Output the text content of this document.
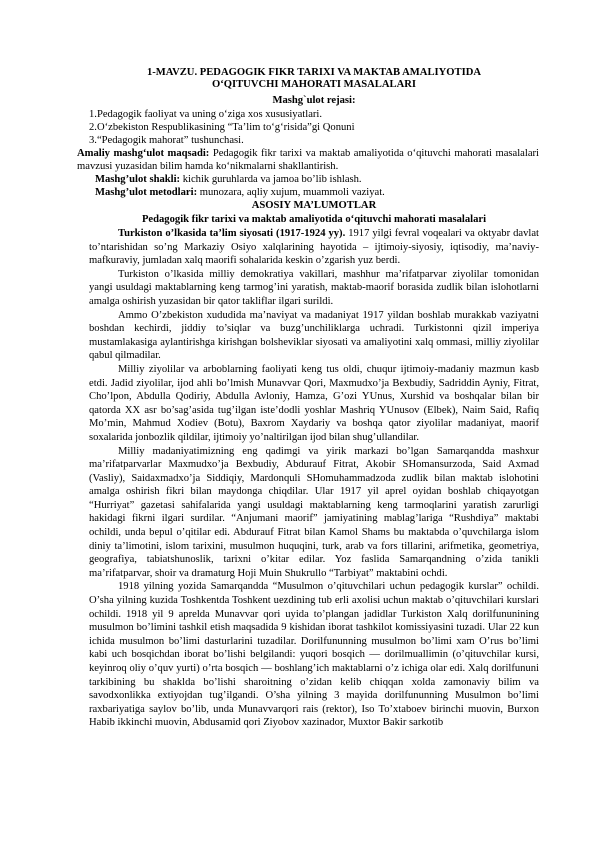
1-MAVZU. PEDAGOGIK FIKR TARIXI VA MAKTAB AMALIYOTIDA
O‘QITUVCHI MAHORATI MASALALARI
Mashg`ulot rejasi:
1.Pedagogik faoliyat va uning o‘ziga xos xususiyatlari.
2.O‘zbekiston Respublikasining “Ta’lim to‘g‘risida”gi Qonuni
3.“Pedagogik mahorat” tushunchasi.
Amaliy mashg‘ulot maqsadi: Pedagogik fikr tarixi va maktab amaliyotida o‘qituvchi mahorati masalalari mavzusi yuzasidan bilim hamda ko‘nikmalarni shakllantirish.
Mashg’ulot shakli: kichik guruhlarda va jamoa bo’lib ishlash.
Mashg’ulot metodlari: munozara, aqliy xujum, muammoli vaziyat.
ASOSIY MA’LUMOTLAR
Pedagogik fikr tarixi va maktab amaliyotida o‘qituvchi mahorati masalalari

Turkiston o’lkasida ta’lim siyosati (1917-1924 yy). 1917 yilgi fevral voqealari va oktyabr davlat to’ntarishidan so’ng Markaziy Osiyo xalqlarining hayotida – ijtimoiy-siyosiy, iqtisodiy, ma’naviy-mafkuraviy, jumladan xalq maorifi sohalarida keskin o’zgarish yuz berdi.

Turkiston o’lkasida milliy demokratiya vakillari, mashhur ma’rifatparvar ziyolilar tomonidan yangi usuldagi maktablarning keng tarmog’ini yaratish, maktab-maorif borasida zudlik bilan islohotlarni amalga oshirish yuzasidan bir qator takliflar ilgari surildi.

Ammo O’zbekiston xududida ma’naviyat va madaniyat 1917 yildan boshlab murakkab vaziyatni boshdan kechirdi, jiddiy to’siqlar va buzg’unchiliklarga uchradi. Turkistonni qizil imperiya mustamlakasiga aylantirishga kirishgan bolsheviklar siyosati va amaliyotini xalq ommasi, milliy ziyolilar qabul qilmadilar.

Milliy ziyolilar va arboblarning faoliyati keng tus oldi, chuqur ijtimoiy-madaniy mazmun kasb etdi. Jadid ziyolilar, ijod ahli bo’lmish Munavvar Qori, Maxmudxo’ja Bexbudiy, Sadriddin Ayniy, Fitrat, Cho’lpon, Abdulla Qodiriy, Abdulla Avloniy, Hamza, G’ozi YUnus, Xurshid va boshqalar bilan bir qatorda XX asr bo’sag’asida tug’ilgan iste’dodli yoshlar Mashriq YUnusov (Elbek), Naim Said, Rafiq Mo’min, Mahmud Xodiev (Botu), Baxrom Xaydariy va boshqa qator ziyolilar madaniyat, maorif soxalarida jonbozlik qildilar, ijtimoiy yo’naltirilgan ijod bilan shug’ullandilar.

Milliy madaniyatimizning eng qadimgi va yirik markazi bo’lgan Samarqandda mashxur ma’rifatparvarlar Maxmudxo’ja Bexbudiy, Abdurauf Fitrat, Akobir SHomansurzoda, Said Axmad (Vasliy), Saidaxmadxo’ja Siddiqiy, Mardonquli SHomuhammadzoda zudlik bilan maktab islohotini amalga oshirish fikri bilan maydonga chiqdilar. Ular 1917 yil aprel oyidan boshlab chiqayotgan “Hurriyat” gazetasi sahifalarida yangi usuldagi maktablarning keng tarmoqlarini yaratish zarurligi hakidagi fikrni ilgari surdilar. “Anjumani maorif” jamiyatining mablag’lariga “Rushdiya” maktabi ochildi, unda bepul o’qitilar edi. Abdurauf Fitrat bilan Kamol Shams bu maktabda o’quvchilarga islom diniy ta’limotini, islom tarixini, musulmon huquqini, turk, arab va fors tillarini, arifmetika, geometriya, geografiya, tabiatshunoslik, tarixni o’kitar edilar. Yoz faslida Samarqandning o’zida tanikli ma’rifatparvar, shoir va dramaturg Hoji Muin Shukrullo “Tarbiyat” maktabini ochdi.

1918 yilning yozida Samarqandda “Musulmon o’qituvchilari uchun pedagogik kurslar” ochildi. O’sha yilning kuzida Toshkentda Toshkent uezdining tub erli axolisi uchun maktab o’qituvchilari kurslari ochildi. 1918 yil 9 aprelda Munavvar qori uyida to’plangan jadidlar Turkiston Xalq dorilfununining musulmon bo’limini tashkil etish maqsadida 9 kishidan iborat tashkilot komissiyasini tuzadi. Ular 22 kun ichida musulmon bo’limi dasturlarini tuzadilar. Dorilfununning musulmon bo’limi xam O’rus bo’limi kabi uch bosqichdan iborat bo’lishi belgilandi: yuqori bosqich — dorilmuallimin (o’qituvchilar kursi, keyinroq oliy o’quv yurti) o’rta bosqich — boshlang’ich maktablarni o’z ichiga olar edi. Xalq dorilfununi tarkibining bu shaklda bo’lishi sharoitning o’zidan kelib chiqqan xolda zamonaviy bilim va savodxonlikka extiyojdan tug’ilgandi. O’sha yilning 3 mayida dorilfununning Musulmon bo’limi raxbariyatiga saylov bo’lib, unda Munavvarqori rais (rektor), Iso To’xtaboev birinchi muovin, Burxon Habib ikkinchi muovin, Abdusamid qori Ziyobov xazinador, Muxtor Bakir sarkotib
